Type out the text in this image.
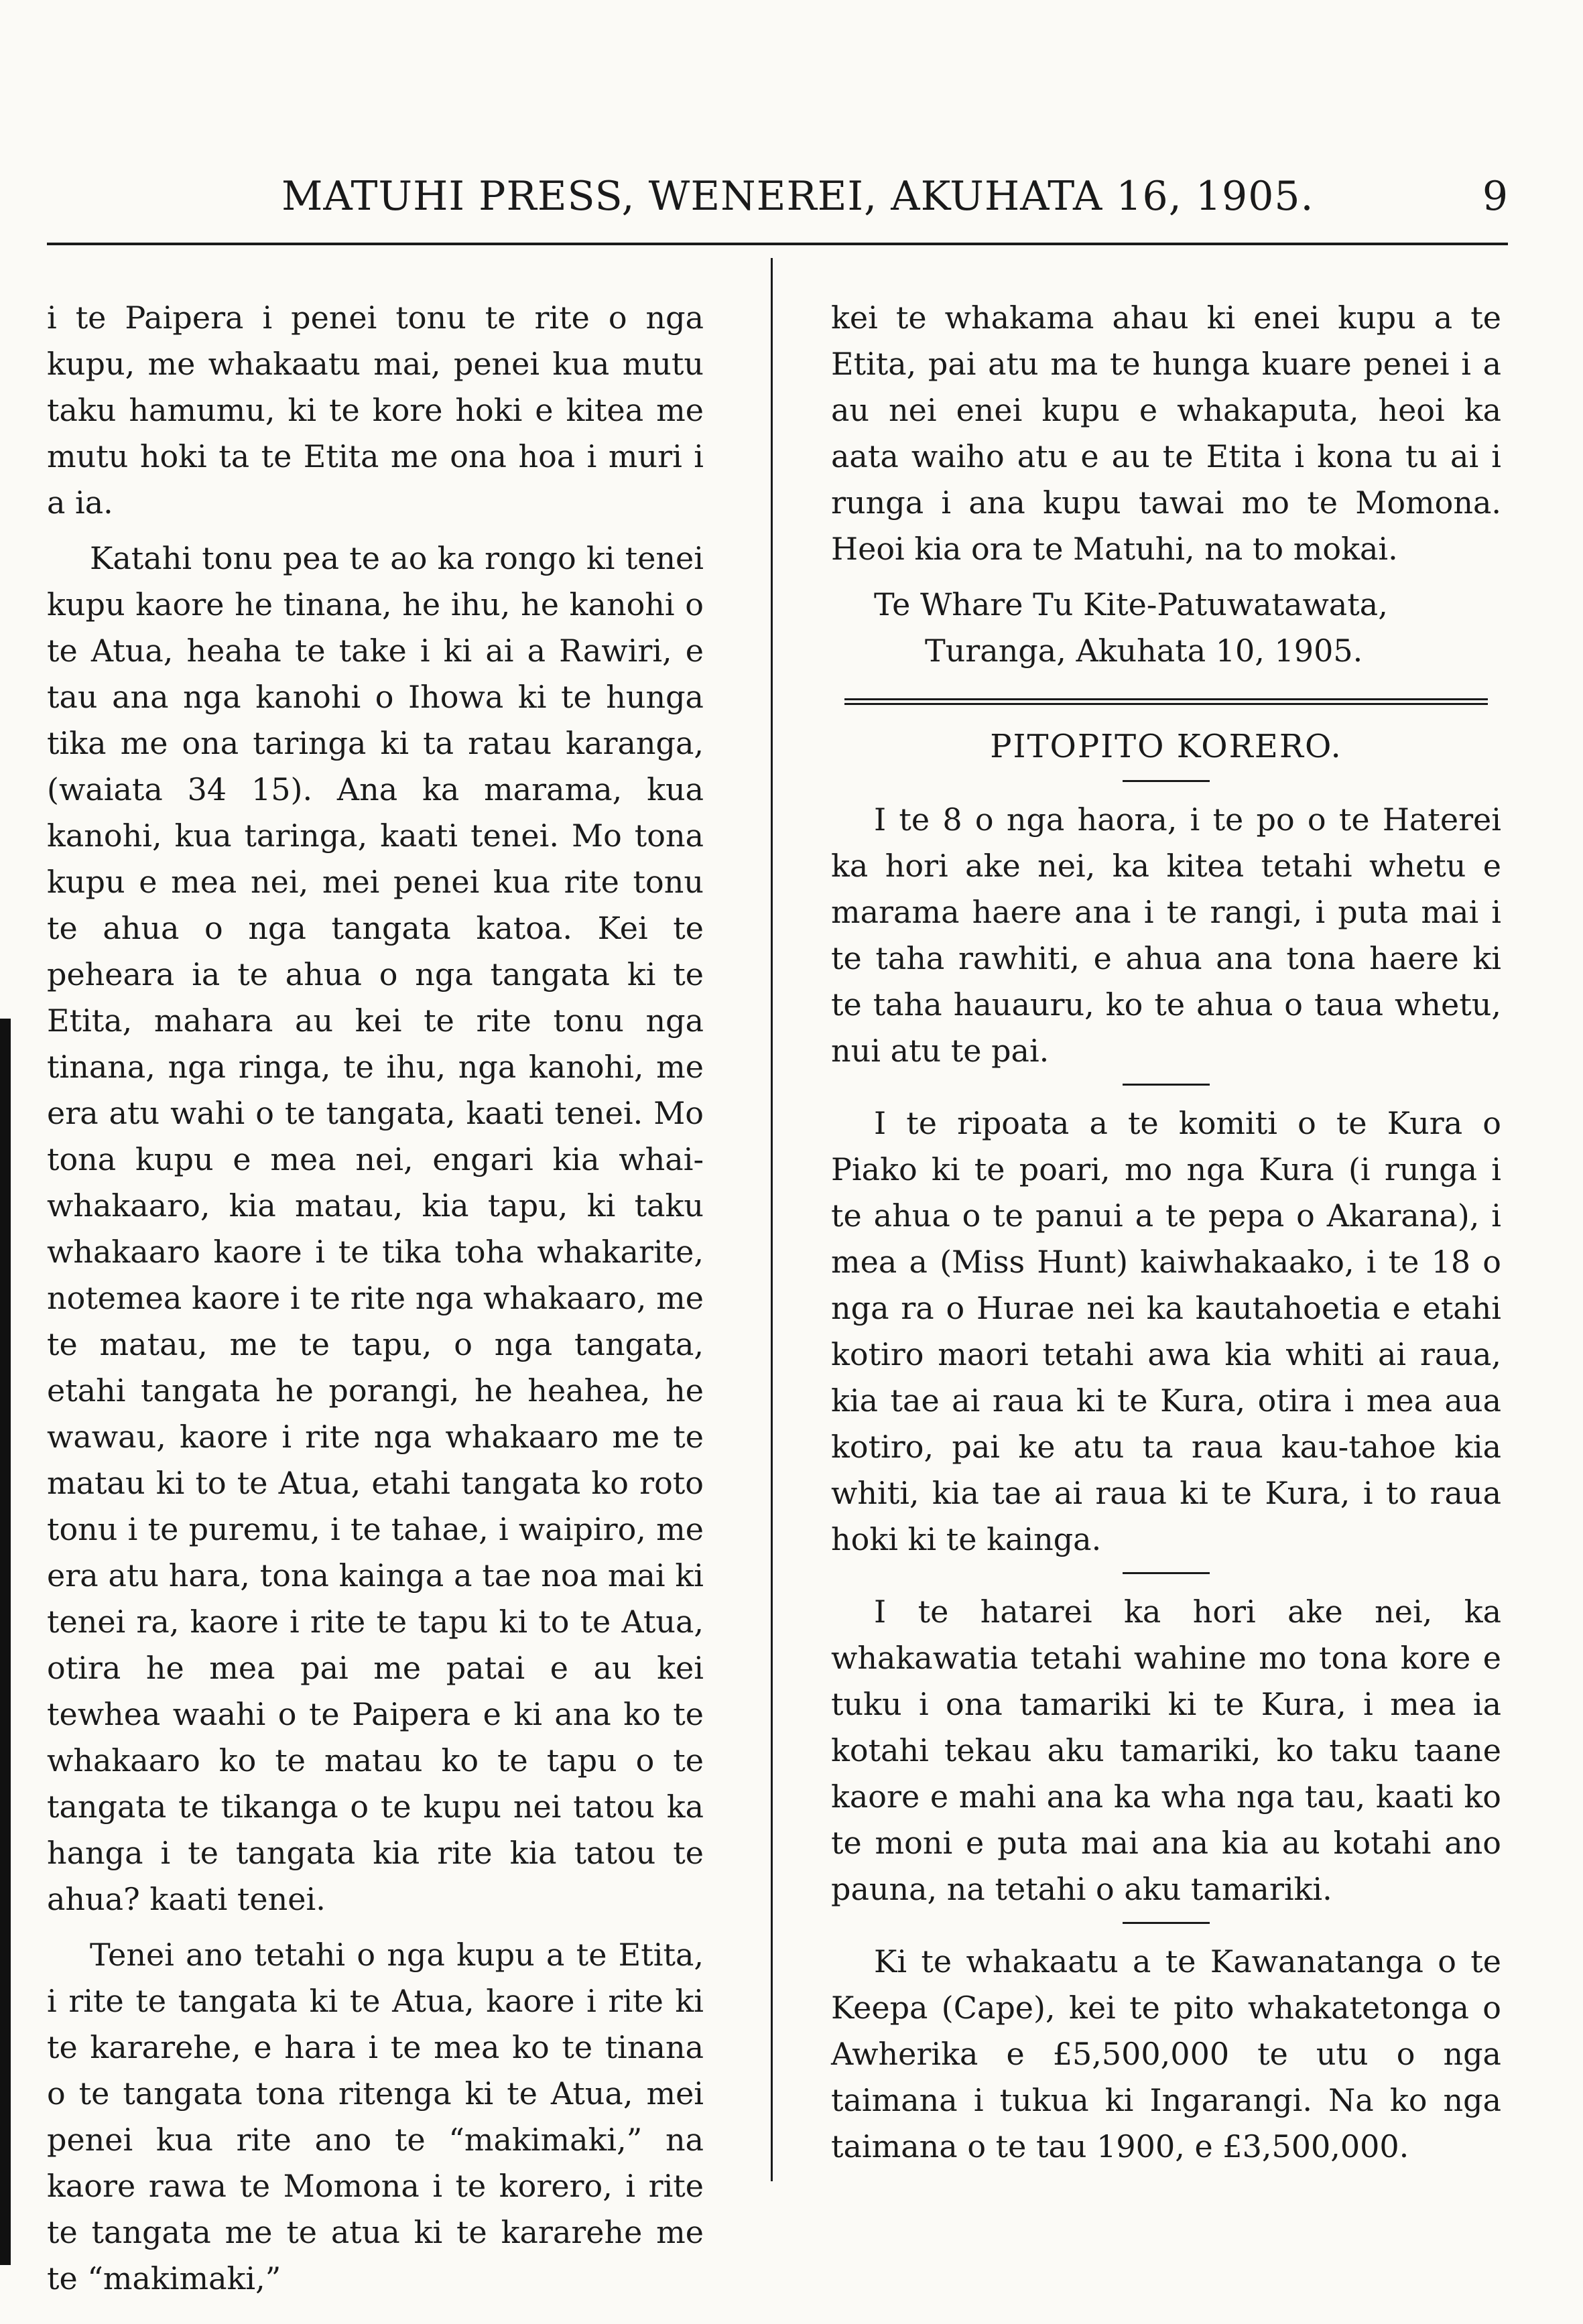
MATUHI PRESS, WENEREI, AKUHATA 16, 1905.	9

i te Paipera i penei tonu te rite o nga kupu, me whakaatu mai, penei kua mutu taku hamumu, ki te kore hoki e kitea me mutu hoki ta te Etita me ona hoa i muri i a ia.

Katahi tonu pea te ao ka rongo ki tenei kupu kaore he tinana, he ihu, he kanohi o te Atua, heaha te take i ki ai a Rawiri, e tau ana nga kanohi o Ihowa ki te hunga tika me ona taringa ki ta ratau karanga, (waiata 34 15). Ana ka marama, kua kanohi, kua taringa, kaati tenei. Mo tona kupu e mea nei, mei penei kua rite tonu te ahua o nga tangata katoa. Kei te peheara ia te ahua o nga tangata ki te Etita, mahara au kei te rite tonu nga tinana, nga ringa, te ihu, nga kanohi, me era atu wahi o te tangata, kaati tenei. Mo tona kupu e mea nei, engari kia whai-whakaaro, kia matau, kia tapu, ki taku whakaaro kaore i te tika toha whakarite, notemea kaore i te rite nga whakaaro, me te matau, me te tapu, o nga tangata, etahi tangata he porangi, he heahea, he wawau, kaore i rite nga whakaaro me te matau ki to te Atua, etahi tangata ko roto tonu i te puremu, i te tahae, i waipiro, me era atu hara, tona kainga a tae noa mai ki tenei ra, kaore i rite te tapu ki to te Atua, otira he mea pai me patai e au kei tewhea waahi o te Paipera e ki ana ko te whakaaro ko te matau ko te tapu o te tangata te tikanga o te kupu nei tatou ka hanga i te tangata kia rite kia tatou te ahua? kaati tenei.

Tenei ano tetahi o nga kupu a te Etita, i rite te tangata ki te Atua, kaore i rite ki te kararehe, e hara i te mea ko te tinana o te tangata tona ritenga ki te Atua, mei penei kua rite ano te “makimaki,” na kaore rawa te Momona i te korero, i rite te tangata me te atua ki te kararehe me te “makimaki,”

kei te whakama ahau ki enei kupu a te Etita, pai atu ma te hunga kuare penei i a au nei enei kupu e whakaputa, heoi ka aata waiho atu e au te Etita i kona tu ai i runga i ana kupu tawai mo te Momona. Heoi kia ora te Matuhi, na to mokai.

Te Whare Tu Kite-Patuwatawata,
Turanga, Akuhata 10, 1905.
PITOPITO KORERO.

I te 8 o nga haora, i te po o te Haterei ka hori ake nei, ka kitea tetahi whetu e marama haere ana i te rangi, i puta mai i te taha rawhiti, e ahua ana tona haere ki te taha hauauru, ko te ahua o taua whetu, nui atu te pai.

I te ripoata a te komiti o te Kura o Piako ki te poari, mo nga Kura (i runga i te ahua o te panui a te pepa o Akarana), i mea a (Miss Hunt) kaiwhakaako, i te 18 o nga ra o Hurae nei ka kautahoetia e etahi kotiro maori tetahi awa kia whiti ai raua, kia tae ai raua ki te Kura, otira i mea aua kotiro, pai ke atu ta raua kau-tahoe kia whiti, kia tae ai raua ki te Kura, i to raua hoki ki te kainga.

I te hatarei ka hori ake nei, ka whakawatia tetahi wahine mo tona kore e tuku i ona tamariki ki te Kura, i mea ia kotahi tekau aku tamariki, ko taku taane kaore e mahi ana ka wha nga tau, kaati ko te moni e puta mai ana kia au kotahi ano pauna, na tetahi o aku tamariki.

Ki te whakaatu a te Kawanatanga o te Keepa (Cape), kei te pito whakatetonga o Awherika e £5,500,000 te utu o nga taimana i tukua ki Ingarangi. Na ko nga taimana o te tau 1900, e £3,500,000.
